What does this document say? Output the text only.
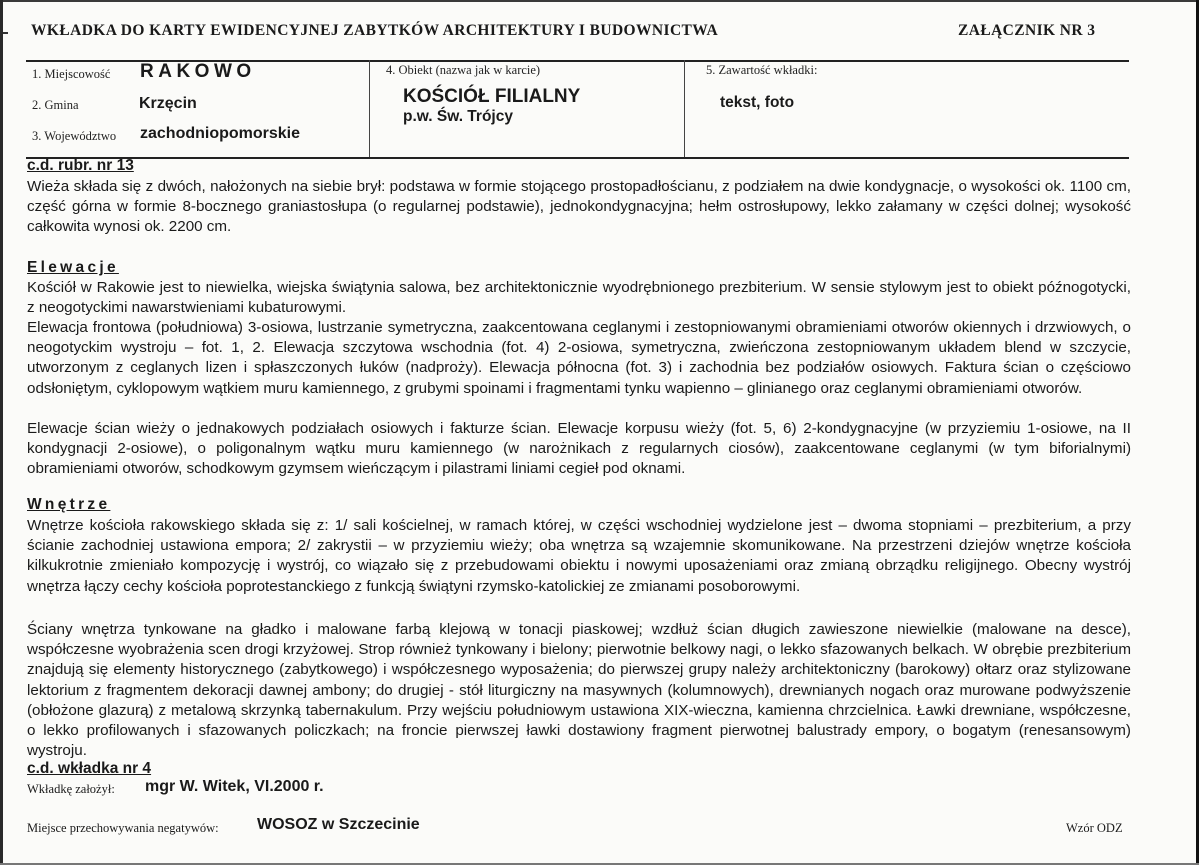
WKŁADKA DO KARTY EWIDENCYJNEJ ZABYTKÓW ARCHITEKTURY I BUDOWNICTWA	ZAŁĄCZNIK NR 3
1. Miejscowość RAKOWO
2. Gmina	Krzęcin
3. Województwo zachodniopomorskie
4. Obiekt (nazwa jak w karcie)
KOŚCIÓŁ FILIALNY
p.w. Św. Trójcy
5. Zawartość wkładki:
tekst, foto
c.d. rubr. nr 13
Wieża składa się z dwóch, nałożonych na siebie brył: podstawa w formie stojącego prostopadłościanu, z podziałem na dwie kondygnacje, o wysokości ok. 1100 cm, część górna w formie 8-bocznego graniastosłupa (o regularnej podstawie), jednokondygnacyjna; hełm ostrosłupowy, lekko załamany w części dolnej; wysokość całkowita wynosi ok. 2200 cm.
Elewacje
Kościół w Rakowie jest to niewielka, wiejska świątynia salowa, bez architektonicznie wyodrębnionego prezbiterium. W sensie stylowym jest to obiekt późnogotycki, z neogotyckimi nawarstwieniami kubaturowymi.
Elewacja frontowa (południowa) 3-osiowa, lustrzanie symetryczna, zaakcentowana ceglanymi i zestopniowanymi obramieniami otworów okiennych i drzwiowych, o neogotyckim wystroju – fot. 1, 2. Elewacja szczytowa wschodnia (fot. 4) 2-osiowa, symetryczna, zwieńczona zestopniowanym układem blend w szczycie, utworzonym z ceglanych lizen i spłaszczonych łuków (nadproży). Elewacja północna (fot. 3) i zachodnia bez podziałów osiowych. Faktura ścian o częściowo odsłoniętym, cyklopowym wątkiem muru kamiennego, z grubymi spoinami i fragmentami tynku wapienno – glinianego oraz ceglanymi obramieniami otworów.
Elewacje ścian wieży o jednakowych podziałach osiowych i fakturze ścian. Elewacje korpusu wieży (fot. 5, 6) 2-kondygnacyjne (w przyziemiu 1-osiowe, na II kondygnacji 2-osiowe), o poligonalnym wątku muru kamiennego (w narożnikach z regularnych ciosów), zaakcentowane ceglanymi (w tym biforialnymi) obramieniami otworów, schodkowym gzymsem wieńczącym i pilastrami liniami cegieł pod oknami.
Wnętrze
Wnętrze kościoła rakowskiego składa się z: 1/ sali kościelnej, w ramach której, w części wschodniej wydzielone jest – dwoma stopniami – prezbiterium, a przy ścianie zachodniej ustawiona empora; 2/ zakrystii – w przyziemiu wieży; oba wnętrza są wzajemnie skomunikowane. Na przestrzeni dziejów wnętrze kościoła kilkukrotnie zmieniało kompozycję i wystrój, co wiązało się z przebudowami obiektu i nowymi uposażeniami oraz zmianą obrządku religijnego. Obecny wystrój wnętrza łączy cechy kościoła poprotestanckiego z funkcją świątyni rzymsko-katolickiej ze zmianami posoborowymi.
Ściany wnętrza tynkowane na gładko i malowane farbą klejową w tonacji piaskowej; wzdłuż ścian długich zawieszone niewielkie (malowane na desce), współczesne wyobrażenia scen drogi krzyżowej. Strop również tynkowany i bielony; pierwotnie belkowy nagi, o lekko sfazowanych belkach. W obrębie prezbiterium znajdują się elementy historycznego (zabytkowego) i współczesnego wyposażenia; do pierwszej grupy należy architektoniczny (barokowy) ołtarz oraz stylizowane lektorium z fragmentem dekoracji dawnej ambony; do drugiej - stół liturgiczny na masywnych (kolumnowych), drewnianych nogach oraz murowane podwyższenie (obłożone glazurą) z metalową skrzynką tabernakulum. Przy wejściu południowym ustawiona XIX-wieczna, kamienna chrzcielnica. Ławki drewniane, współczesne, o lekko profilowanych i sfazowanych policzkach; na froncie pierwszej ławki dostawiony fragment pierwotnej balustrady empory, o bogatym (renesansowym) wystroju.
c.d. wkładka nr 4
Wkładkę założył: mgr W. Witek, VI.2000 r.
Miejsce przechowywania negatywów: WOSOZ w Szczecinie	Wzór ODZ
